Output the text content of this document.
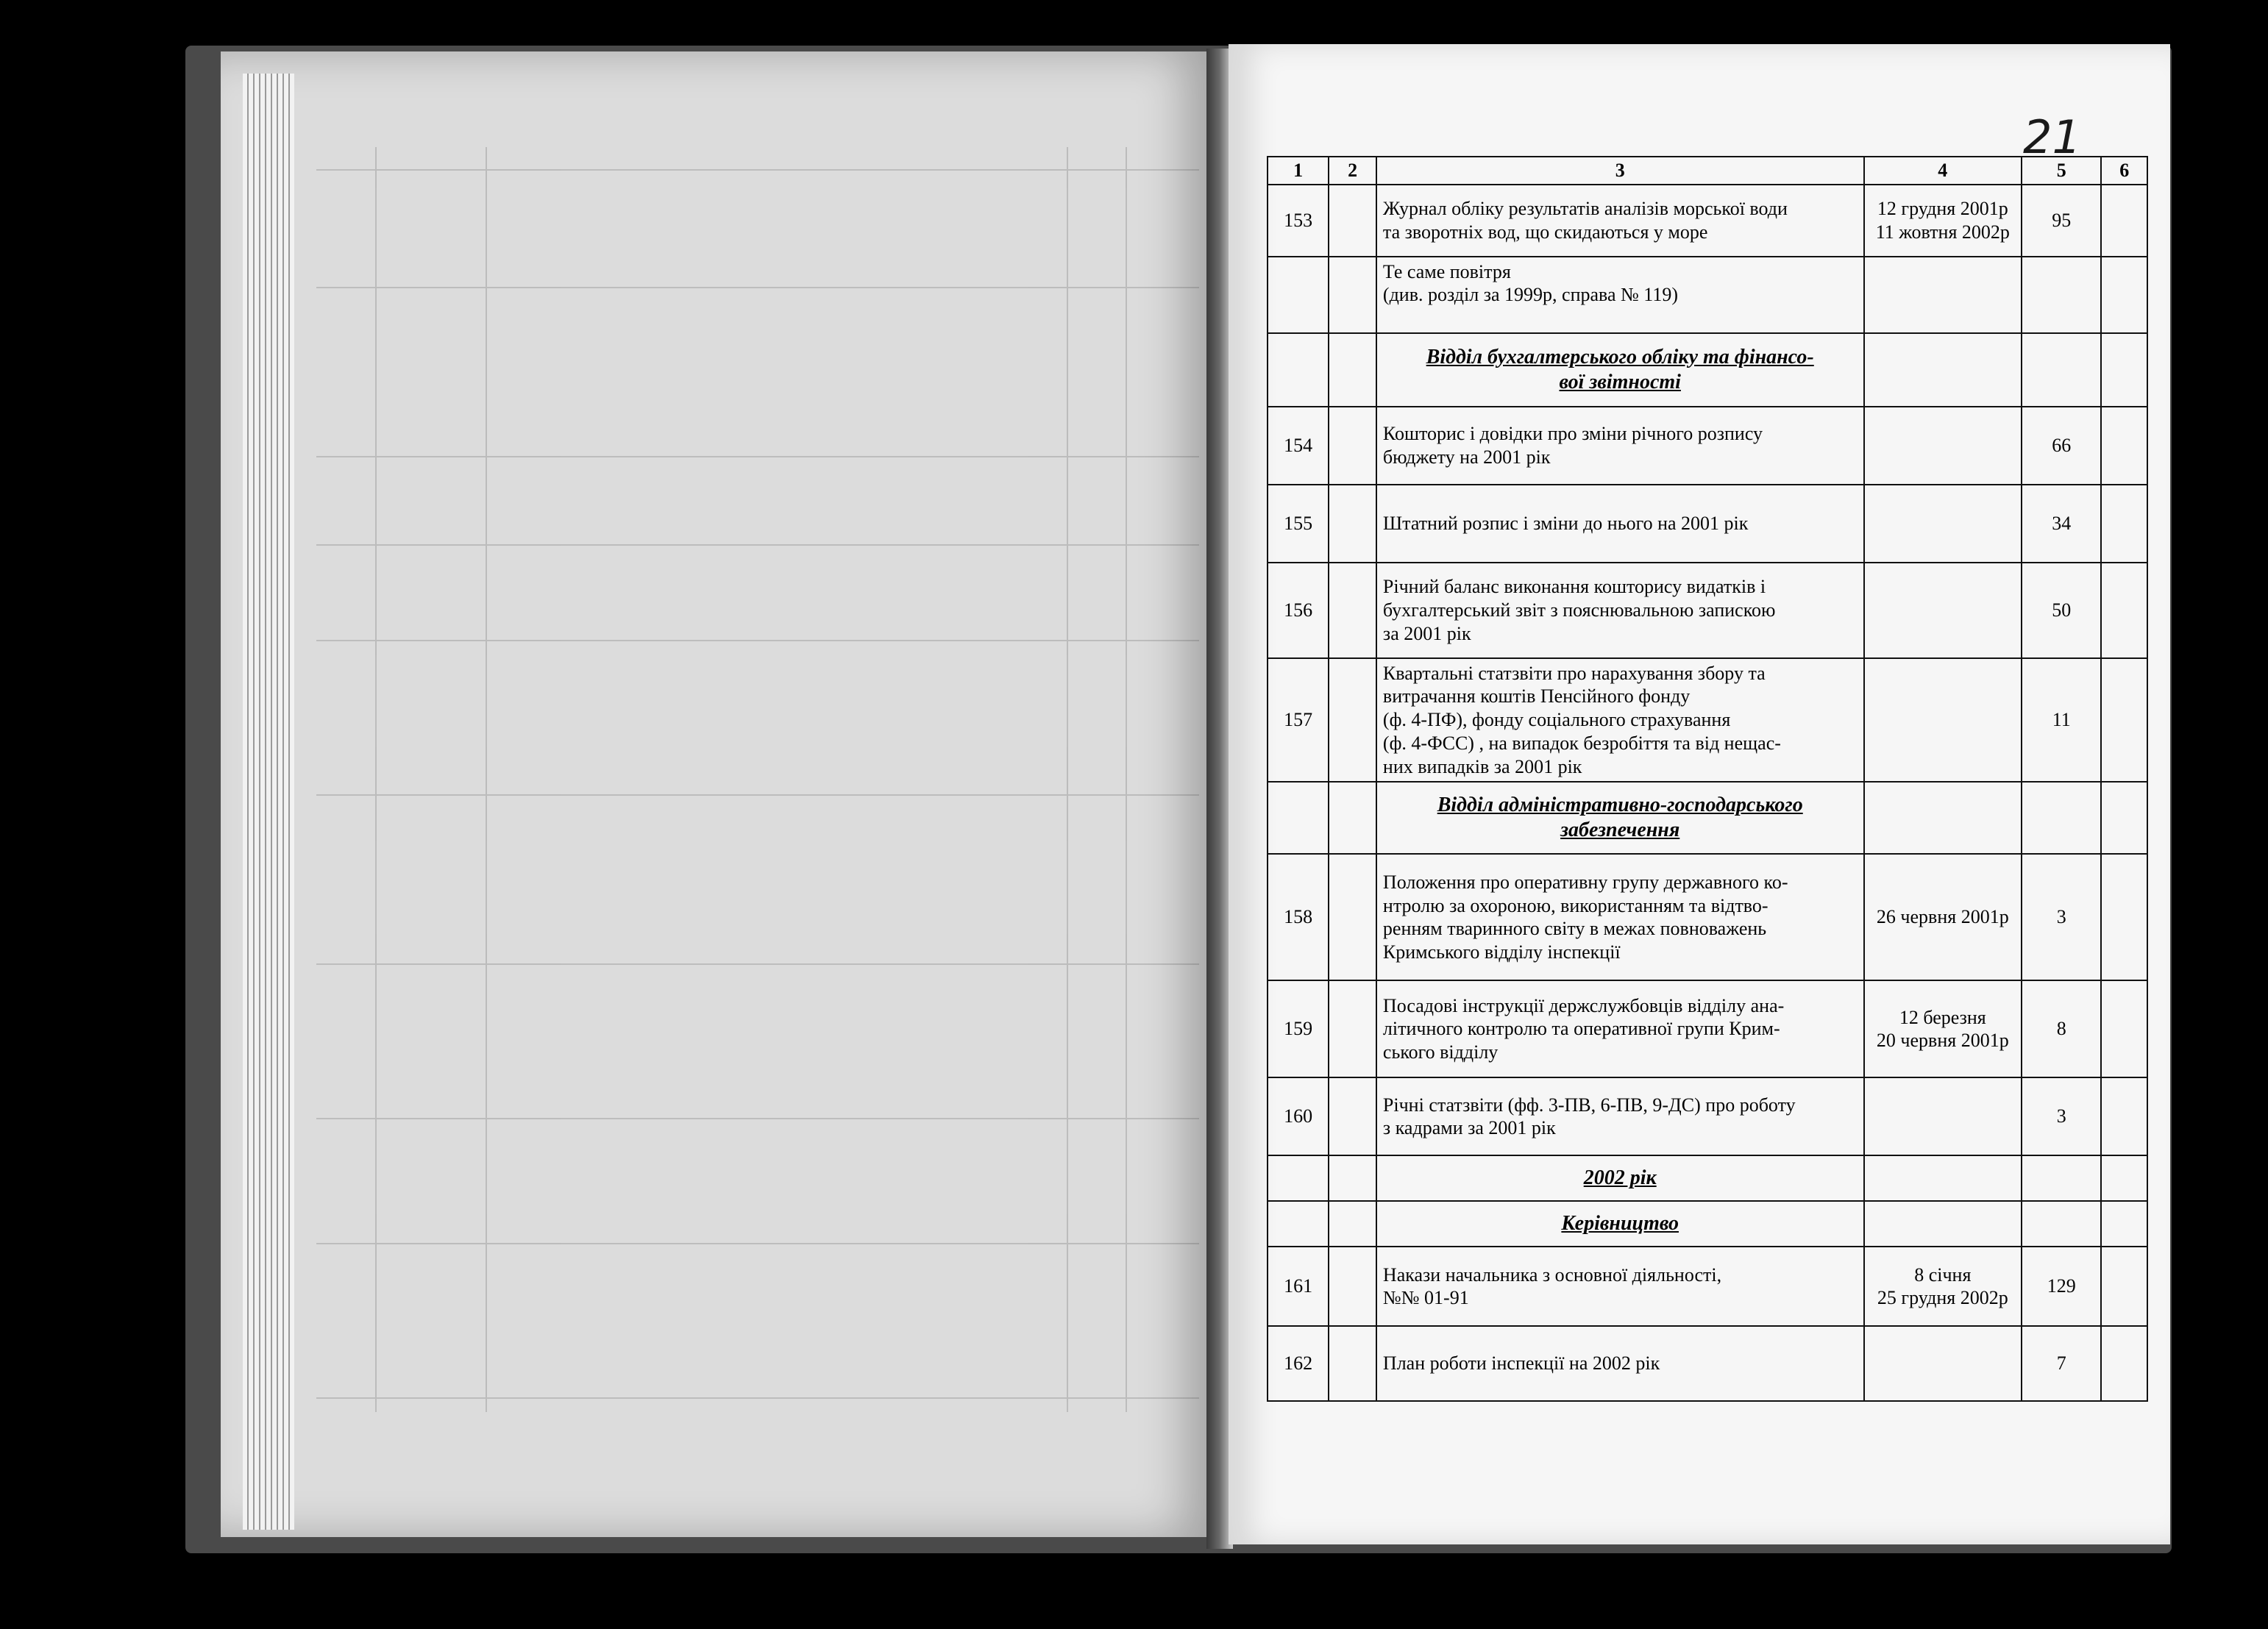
21
1	2	3	4	5	6
153		Журнал обліку результатів аналізів морської води
та зворотніх вод, що скидаються у море	12 грудня 2001р
11 жовтня 2002р	95	
		Те саме повітря
(див. розділ за 1999р, справа № 119)			
		Відділ бухгалтерського обліку та фінансо-
вої звітності			
154		Кошторис і довідки про зміни річного розпису
бюджету на 2001 рік		66	
155		Штатний розпис і зміни до нього на 2001 рік		34	
156		Річний баланс виконання кошторису видатків і
бухгалтерський звіт з пояснювальною запискою
за 2001 рік		50	
157		Квартальні статзвіти про нарахування збору та
витрачання коштів Пенсійного фонду
(ф. 4-ПФ), фонду соціального страхування
(ф. 4-ФСС) , на випадок безробіття та від нещас-
них випадків за 2001 рік		11	
		Відділ адміністративно-господарського
забезпечення			
158		Положення про оперативну групу державного ко-
нтролю за охороною, використанням та відтво-
ренням тваринного світу в межах повноважень
Кримського відділу інспекції	26 червня 2001р	3	
159		Посадові інструкції держслужбовців відділу ана-
літичного контролю та оперативної групи Крим-
ського відділу	12 березня
20 червня 2001р	8	
160		Річні статзвіти (фф. 3-ПВ, 6-ПВ, 9-ДС) про роботу
з кадрами за 2001 рік		3	
		2002 рік			
		Керівництво			
161		Накази начальника з основної діяльності,
№№ 01-91	8 січня
25 грудня 2002р	129	
162		План роботи інспекції на 2002 рік		7	
